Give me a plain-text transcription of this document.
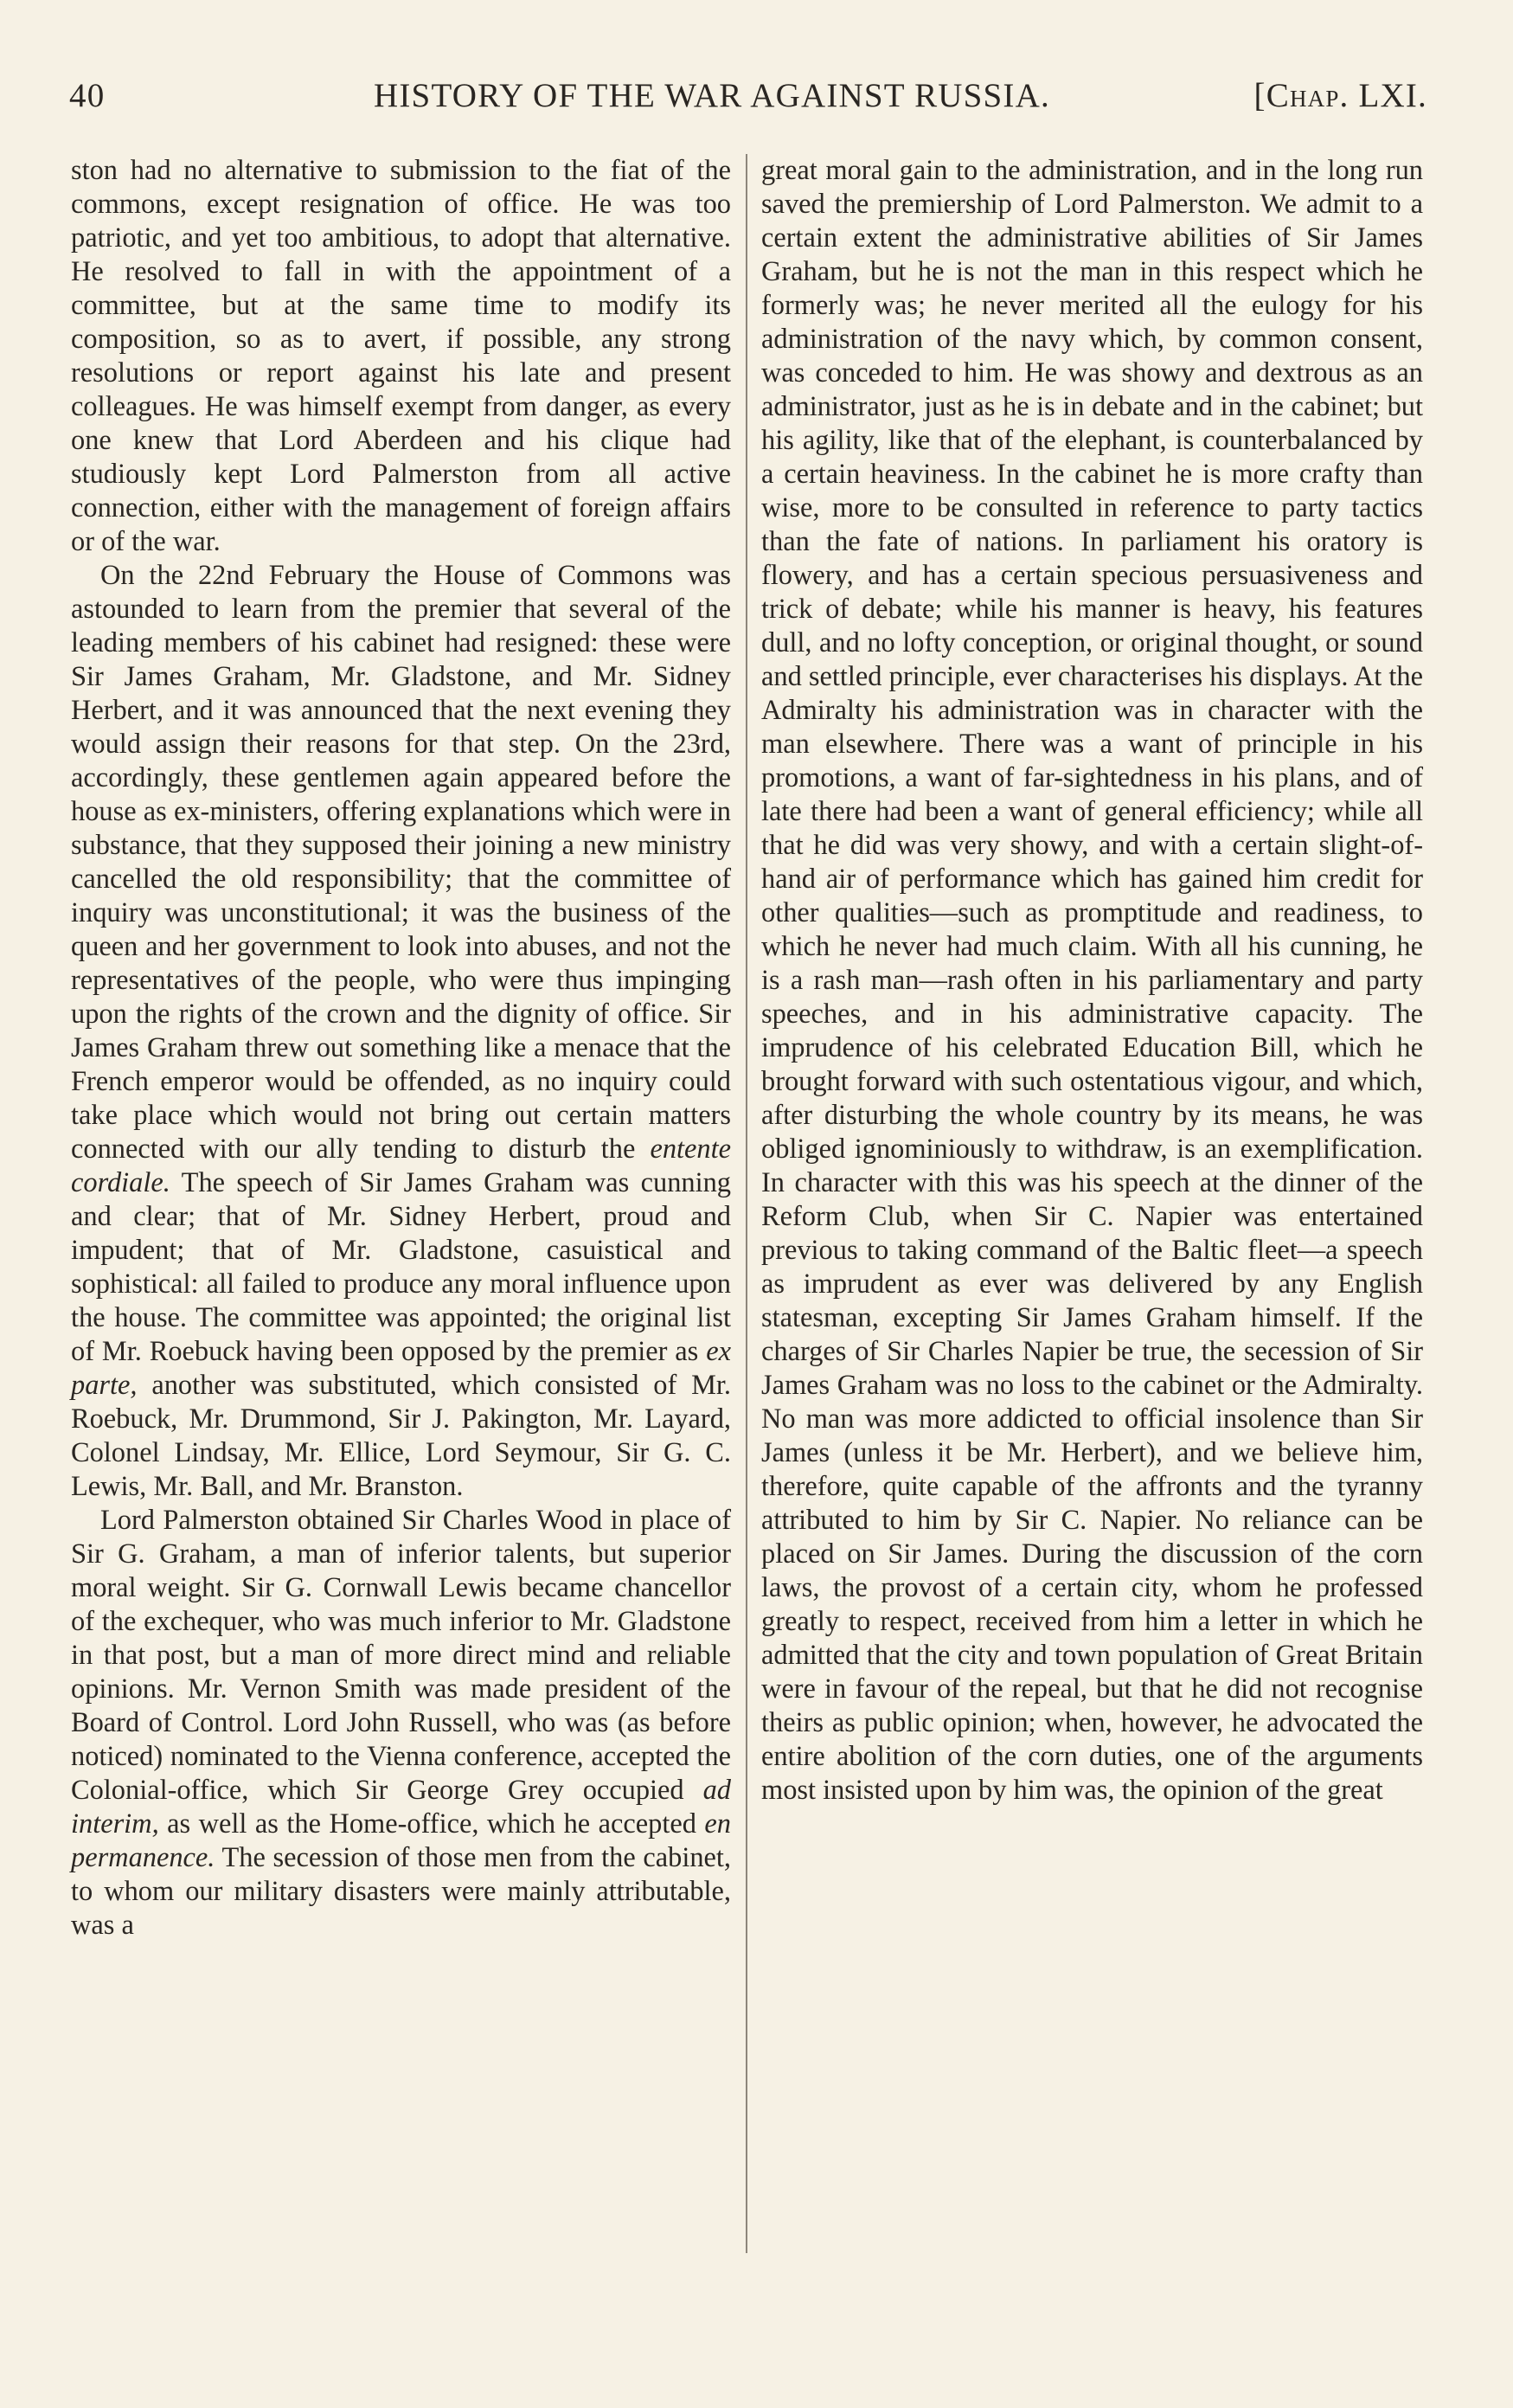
40	HISTORY OF THE WAR AGAINST RUSSIA.	[Chap. LXI.

ston had no alternative to submission to the fiat of the commons, except resignation of office. He was too patriotic, and yet too ambitious, to adopt that alternative. He resolved to fall in with the appointment of a committee, but at the same time to modify its composition, so as to avert, if possible, any strong resolutions or report against his late and present colleagues. He was himself exempt from danger, as every one knew that Lord Aberdeen and his clique had studiously kept Lord Palmerston from all active connection, either with the management of foreign affairs or of the war.

On the 22nd February the House of Commons was astounded to learn from the premier that several of the leading members of his cabinet had resigned: these were Sir James Graham, Mr. Gladstone, and Mr. Sidney Herbert, and it was announced that the next evening they would assign their reasons for that step. On the 23rd, accordingly, these gentlemen again appeared before the house as ex-ministers, offering explanations which were in substance, that they supposed their joining a new ministry cancelled the old responsibility; that the committee of inquiry was unconstitutional; it was the business of the queen and her government to look into abuses, and not the representatives of the people, who were thus impinging upon the rights of the crown and the dignity of office. Sir James Graham threw out something like a menace that the French emperor would be offended, as no inquiry could take place which would not bring out certain matters connected with our ally tending to disturb the entente cordiale. The speech of Sir James Graham was cunning and clear; that of Mr. Sidney Herbert, proud and impudent; that of Mr. Gladstone, casuistical and sophistical: all failed to produce any moral influence upon the house. The committee was appointed; the original list of Mr. Roebuck having been opposed by the premier as ex parte, another was substituted, which consisted of Mr. Roebuck, Mr. Drummond, Sir J. Pakington, Mr. Layard, Colonel Lindsay, Mr. Ellice, Lord Seymour, Sir G. C. Lewis, Mr. Ball, and Mr. Branston.

Lord Palmerston obtained Sir Charles Wood in place of Sir G. Graham, a man of inferior talents, but superior moral weight. Sir G. Cornwall Lewis became chancellor of the exchequer, who was much inferior to Mr. Gladstone in that post, but a man of more direct mind and reliable opinions. Mr. Vernon Smith was made president of the Board of Control. Lord John Russell, who was (as before noticed) nominated to the Vienna conference, accepted the Colonial-office, which Sir George Grey occupied ad interim, as well as the Home-office, which he accepted en permanence. The secession of those men from the cabinet, to whom our military disasters were mainly attributable, was a

great moral gain to the administration, and in the long run saved the premiership of Lord Palmerston. We admit to a certain extent the administrative abilities of Sir James Graham, but he is not the man in this respect which he formerly was; he never merited all the eulogy for his administration of the navy which, by common consent, was conceded to him. He was showy and dextrous as an administrator, just as he is in debate and in the cabinet; but his agility, like that of the elephant, is counterbalanced by a certain heaviness. In the cabinet he is more crafty than wise, more to be consulted in reference to party tactics than the fate of nations. In parliament his oratory is flowery, and has a certain specious persuasiveness and trick of debate; while his manner is heavy, his features dull, and no lofty conception, or original thought, or sound and settled principle, ever characterises his displays. At the Admiralty his administration was in character with the man elsewhere. There was a want of principle in his promotions, a want of far-sightedness in his plans, and of late there had been a want of general efficiency; while all that he did was very showy, and with a certain slight-of-hand air of performance which has gained him credit for other qualities—such as promptitude and readiness, to which he never had much claim. With all his cunning, he is a rash man—rash often in his parliamentary and party speeches, and in his administrative capacity. The imprudence of his celebrated Education Bill, which he brought forward with such ostentatious vigour, and which, after disturbing the whole country by its means, he was obliged ignominiously to withdraw, is an exemplification. In character with this was his speech at the dinner of the Reform Club, when Sir C. Napier was entertained previous to taking command of the Baltic fleet—a speech as imprudent as ever was delivered by any English statesman, excepting Sir James Graham himself. If the charges of Sir Charles Napier be true, the secession of Sir James Graham was no loss to the cabinet or the Admiralty. No man was more addicted to official insolence than Sir James (unless it be Mr. Herbert), and we believe him, therefore, quite capable of the affronts and the tyranny attributed to him by Sir C. Napier. No reliance can be placed on Sir James. During the discussion of the corn laws, the provost of a certain city, whom he professed greatly to respect, received from him a letter in which he admitted that the city and town population of Great Britain were in favour of the repeal, but that he did not recognise theirs as public opinion; when, however, he advocated the entire abolition of the corn duties, one of the arguments most insisted upon by him was, the opinion of the great
